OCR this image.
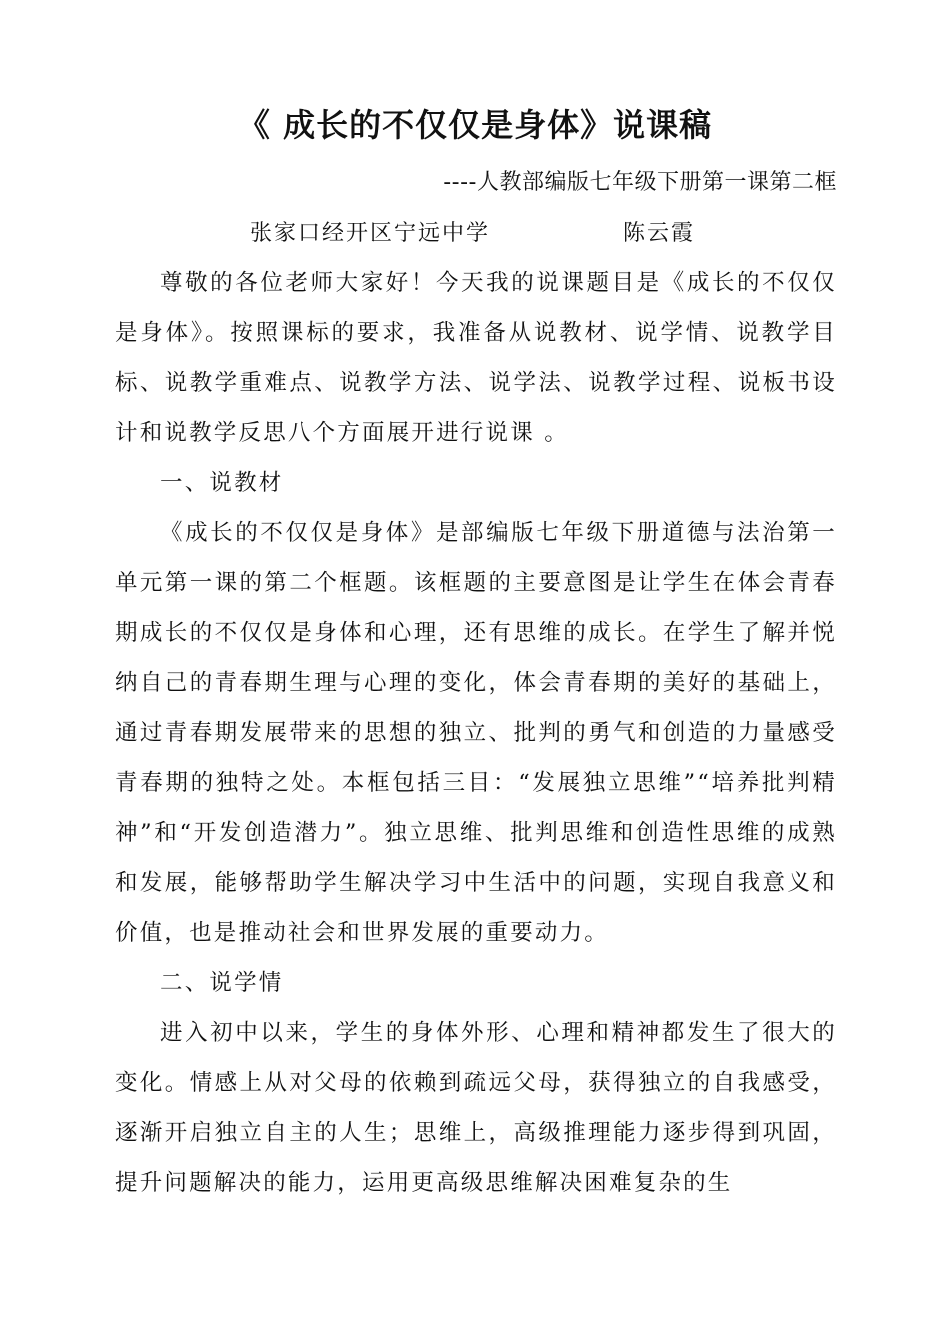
《 成长的不仅仅是身体》说课稿
----人教部编版七年级下册第一课第二框
张家口经开区宁远中学	陈云霞

尊敬的各位老师大家好！今天我的说课题目是《成长的不仅仅是身体》。按照课标的要求，我准备从说教材、说学情、说教学目标、说教学重难点、说教学方法、说学法、说教学过程、说板书设计和说教学反思八个方面展开进行说课 。

一、说教材

《成长的不仅仅是身体》是部编版七年级下册道德与法治第一单元第一课的第二个框题。该框题的主要意图是让学生在体会青春期成长的不仅仅是身体和心理，还有思维的成长。在学生了解并悦纳自己的青春期生理与心理的变化，体会青春期的美好的基础上，通过青春期发展带来的思想的独立、批判的勇气和创造的力量感受青春期的独特之处。本框包括三目：“发展独立思维”“培养批判精神”和“开发创造潜力”。独立思维、批判思维和创造性思维的成熟和发展，能够帮助学生解决学习中生活中的问题，实现自我意义和价值，也是推动社会和世界发展的重要动力。

二、说学情

进入初中以来，学生的身体外形、心理和精神都发生了很大的变化。情感上从对父母的依赖到疏远父母，获得独立的自我感受，逐渐开启独立自主的人生；思维上，高级推理能力逐步得到巩固，提升问题解决的能力，运用更高级思维解决困难复杂的生
